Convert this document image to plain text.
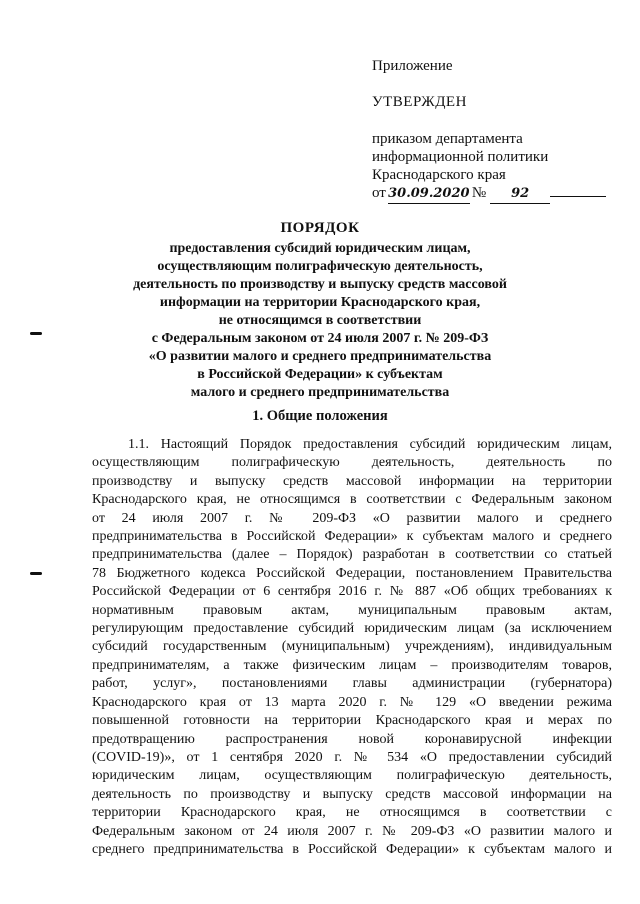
Приложение
УТВЕРЖДЕН
приказом департамента
информационной политики
Краснодарского края
от 30.09.2020 №	92
ПОРЯДОК
предоставления субсидий юридическим лицам,
осуществляющим полиграфическую деятельность,
деятельность по производству и выпуску средств массовой
информации на территории Краснодарского края,
не относящимся в соответствии
с Федеральным законом от 24 июля 2007 г. № 209-ФЗ
«О развитии малого и среднего предпринимательства
в Российской Федерации» к субъектам
малого и среднего предпринимательства
1. Общие положения
1.1. Настоящий Порядок предоставления субсидий юридическим лицам,
осуществляющим полиграфическую деятельность, деятельность по
производству и выпуску средств массовой информации на территории
Краснодарского края, не относящимся в соответствии с Федеральным законом
от 24 июля 2007 г. № 209-ФЗ «О развитии малого и среднего
предпринимательства в Российской Федерации» к субъектам малого и среднего
предпринимательства (далее – Порядок) разработан в соответствии со статьей
78 Бюджетного кодекса Российской Федерации, постановлением Правительства
Российской Федерации от 6 сентября 2016 г. № 887 «Об общих требованиях к
нормативным правовым актам, муниципальным правовым актам,
регулирующим предоставление субсидий юридическим лицам (за исключением
субсидий государственным (муниципальным) учреждениям), индивидуальным
предпринимателям, а также физическим лицам – производителям товаров,
работ, услуг», постановлениями главы администрации (губернатора)
Краснодарского края от 13 марта 2020 г. № 129 «О введении режима
повышенной готовности на территории Краснодарского края и мерах по
предотвращению распространения новой коронавирусной инфекции
(COVID-19)», от 1 сентября 2020 г. № 534 «О предоставлении субсидий
юридическим лицам, осуществляющим полиграфическую деятельность,
деятельность по производству и выпуску средств массовой информации на
территории Краснодарского края, не относящимся в соответствии с
Федеральным законом от 24 июля 2007 г. № 209-ФЗ «О развитии малого и
среднего предпринимательства в Российской Федерации» к субъектам малого и
